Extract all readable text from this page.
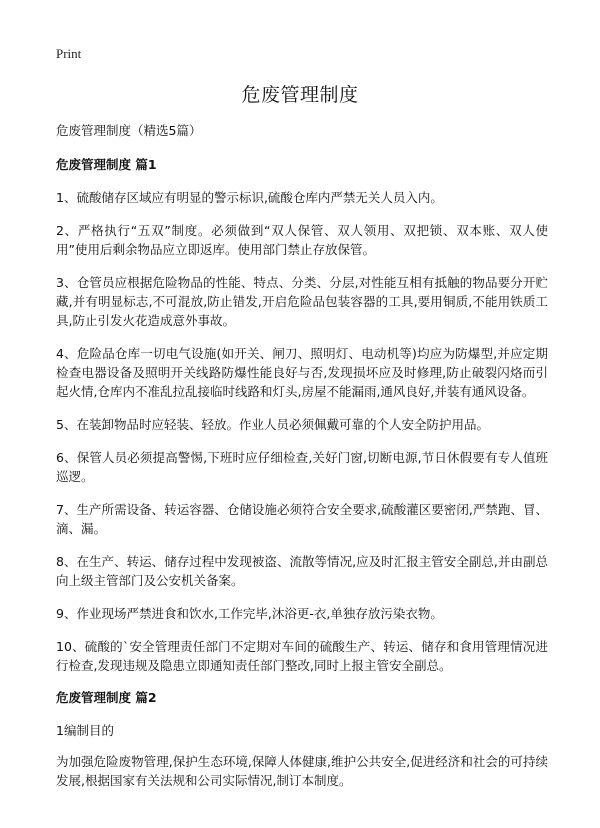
Print
危废管理制度

危废管理制度（精选5篇）

危废管理制度 篇1

1、硫酸储存区域应有明显的警示标识,硫酸仓库内严禁无关人员入内。

2、严格执行“五双”制度。必须做到“双人保管、双人领用、双把锁、双本账、双人使用”使用后剩余物品应立即返库。使用部门禁止存放保管。

3、仓管员应根据危险物品的性能、特点、分类、分层,对性能互相有抵触的物品要分开贮藏,并有明显标志,不可混放,防止错发,开启危险品包装容器的工具,要用铜质,不能用铁质工具,防止引发火花造成意外事故。

4、危险品仓库一切电气设施(如开关、闸刀、照明灯、电动机等)均应为防爆型,并应定期检查电器设备及照明开关线路防爆性能良好与否,发现损坏应及时修理,防止破裂闪烙而引起火情,仓库内不准乱拉乱接临时线路和灯头,房屋不能漏雨,通风良好,并装有通风设备。

5、在装卸物品时应轻装、轻放。作业人员必须佩戴可靠的个人安全防护用品。

6、保管人员必须提高警惕,下班时应仔细检查,关好门窗,切断电源,节日休假要有专人值班巡逻。

7、生产所需设备、转运容器、仓储设施必须符合安全要求,硫酸灌区要密闭,严禁跑、冒、滴、漏。

8、在生产、转运、储存过程中发现被盗、流散等情况,应及时汇报主管安全副总,并由副总向上级主管部门及公安机关备案。

9、作业现场严禁进食和饮水,工作完毕,沐浴更-衣,单独存放污染衣物。

10、硫酸的`安全管理责任部门不定期对车间的硫酸生产、转运、储存和食用管理情况进行检查,发现违规及隐患立即通知责任部门整改,同时上报主管安全副总。

危废管理制度 篇2

1编制目的

为加强危险废物管理,保护生态环境,保障人体健康,维护公共安全,促进经济和社会的可持续发展,根据国家有关法规和公司实际情况,制订本制度。
